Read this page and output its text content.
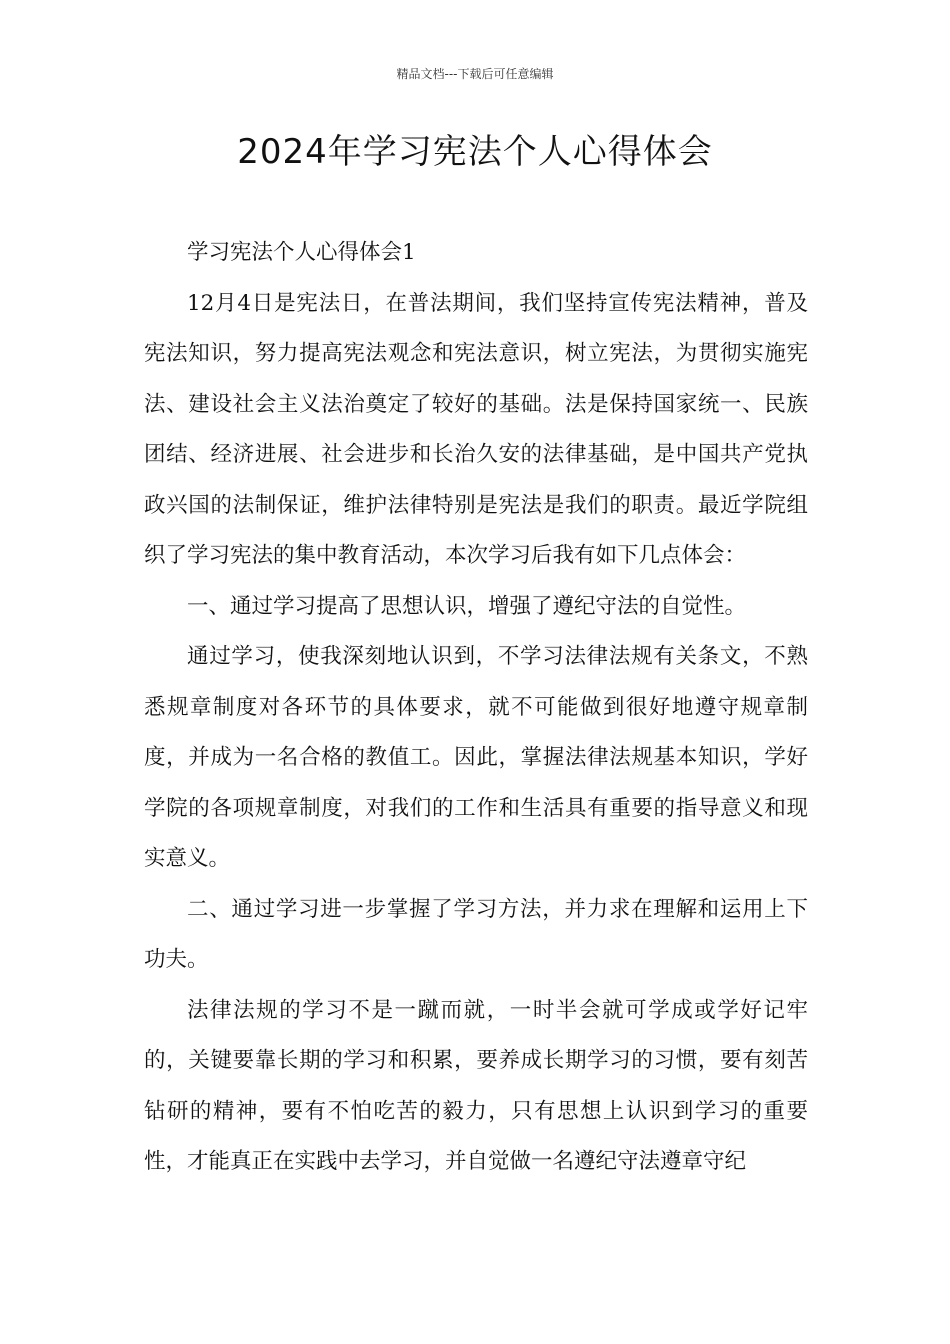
精品文档---下载后可任意编辑
2024年学习宪法个人心得体会

学习宪法个人心得体会1

12月4日是宪法日，在普法期间，我们坚持宣传宪法精神，普及宪法知识，努力提高宪法观念和宪法意识，树立宪法，为贯彻实施宪法、建设社会主义法治奠定了较好的基础。法是保持国家统一、民族团结、经济进展、社会进步和长治久安的法律基础，是中国共产党执政兴国的法制保证，维护法律特别是宪法是我们的职责。最近学院组织了学习宪法的集中教育活动，本次学习后我有如下几点体会：

一、通过学习提高了思想认识，增强了遵纪守法的自觉性。

通过学习，使我深刻地认识到，不学习法律法规有关条文，不熟悉规章制度对各环节的具体要求，就不可能做到很好地遵守规章制度，并成为一名合格的教值工。因此，掌握法律法规基本知识，学好学院的各项规章制度，对我们的工作和生活具有重要的指导意义和现实意义。

二、通过学习进一步掌握了学习方法，并力求在理解和运用上下功夫。

法律法规的学习不是一蹴而就，一时半会就可学成或学好记牢的，关键要靠长期的学习和积累，要养成长期学习的习惯，要有刻苦钻研的精神，要有不怕吃苦的毅力，只有思想上认识到学习的重要性，才能真正在实践中去学习，并自觉做一名遵纪守法遵章守纪
